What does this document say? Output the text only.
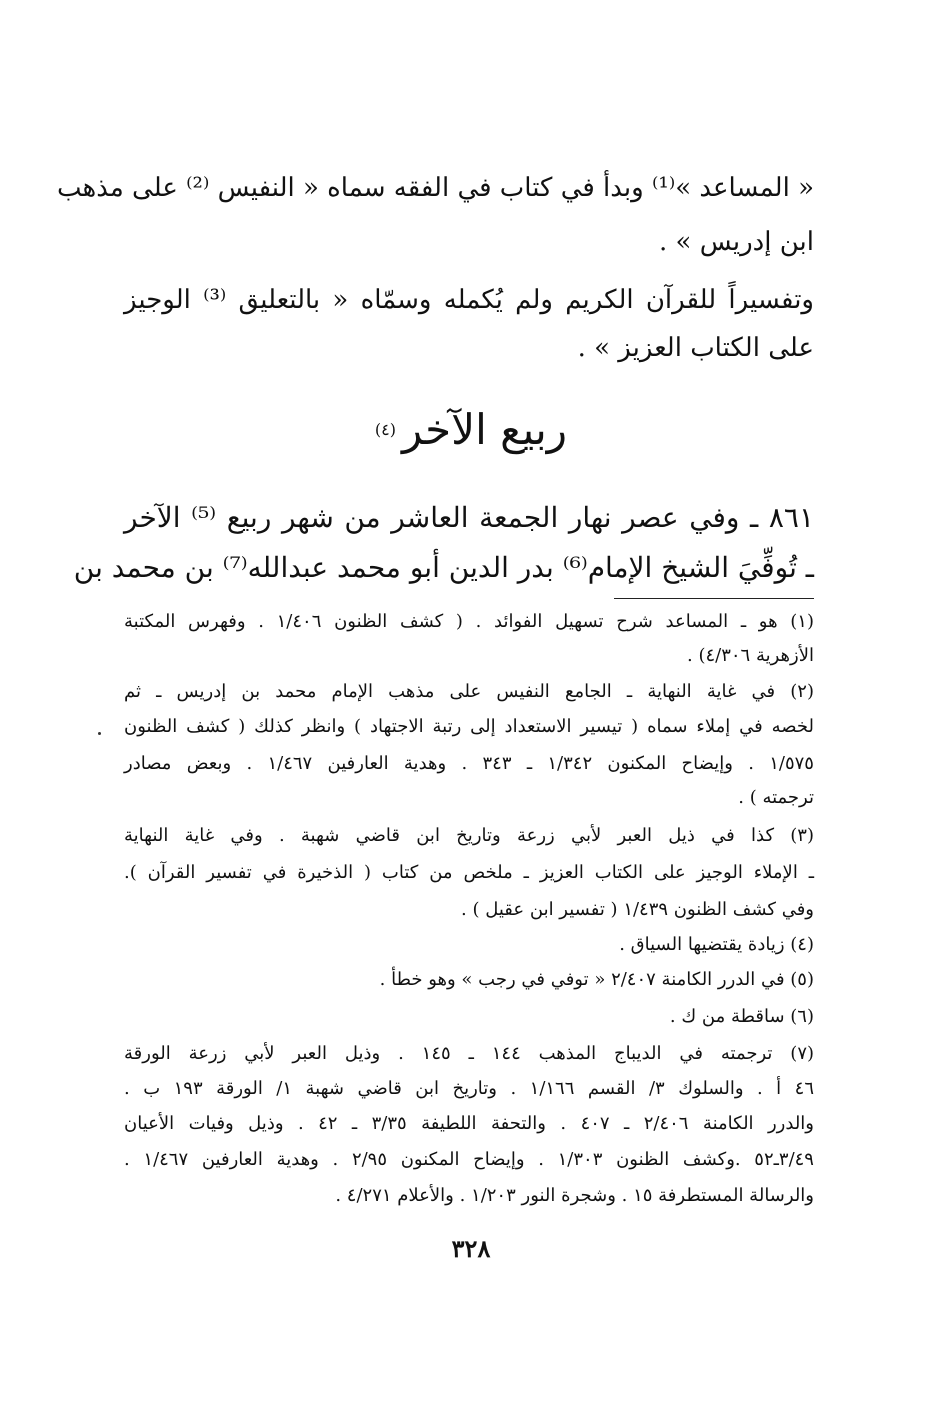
« المساعد »⁽¹⁾ وبدأ في كتاب في الفقه سماه « النفيس ⁽²⁾ على مذهب
ابن إدريس » .
وتفسيراً للقرآن الكريم ولم يُكمله وسمّاه « بالتعليق ⁽³⁾ الوجيز
على الكتاب العزيز » .
ربيع الآخر$^{(٤)}$
٨٦١ ـ وفي عصر نهار الجمعة العاشر من شهر ربيع ⁽⁵⁾ الآخر
ـ تُوفِّيَ الشيخ الإمام⁽⁶⁾ بدر الدين أبو محمد عبدالله⁽⁷⁾ بن محمد بن
(١) هو ـ المساعد شرح تسهيل الفوائد . ( كشف الظنون ١/٤٠٦ . وفهرس المكتبة
الأزهرية ٤/٣٠٦) .
(٢) في غاية النهاية ـ الجامع النفيس على مذهب الإمام محمد بن إدريس ـ ثم
لخصه في إملاء سماه ( تيسير الاستعداد إلى رتبة الاجتهاد ) وانظر كذلك ( كشف الظنون
١/٥٧٥ . وإيضاح المكنون ١/٣٤٢ ـ ٣٤٣ . وهدية العارفين ١/٤٦٧ . وبعض مصادر
ترجمته ) .
(٣) كذا في ذيل العبر لأبي زرعة وتاريخ ابن قاضي شهبة . وفي غاية النهاية
ـ الإملاء الوجيز على الكتاب العزيز ـ ملخص من كتاب ( الذخيرة في تفسير القرآن ).
وفي كشف الظنون ١/٤٣٩ ( تفسير ابن عقيل ) .
(٤) زيادة يقتضيها السياق .
(٥) في الدرر الكامنة ٢/٤٠٧ « توفي في رجب » وهو خطأ .
(٦) ساقطة من ك .
(٧) ترجمته في الديباج المذهب ١٤٤ ـ ١٤٥ . وذيل العبر لأبي زرعة الورقة
٤٦ أ . والسلوك ٣/ القسم ١/١٦٦ . وتاريخ ابن قاضي شهبة ١/ الورقة ١٩٣ ب .
والدرر الكامنة ٢/٤٠٦ ـ ٤٠٧ . والتحفة اللطيفة ٣/٣٥ ـ ٤٢ . وذيل وفيات الأعيان
٣/٤٩ـ٥٢ .وكشف الظنون ١/٣٠٣ . وإيضاح المكنون ٢/٩٥ . وهدية العارفين ١/٤٦٧ .
والرسالة المستطرفة ١٥ . وشجرة النور ١/٢٠٣ . والأعلام ٤/٢٧١ .
٣٢٨
